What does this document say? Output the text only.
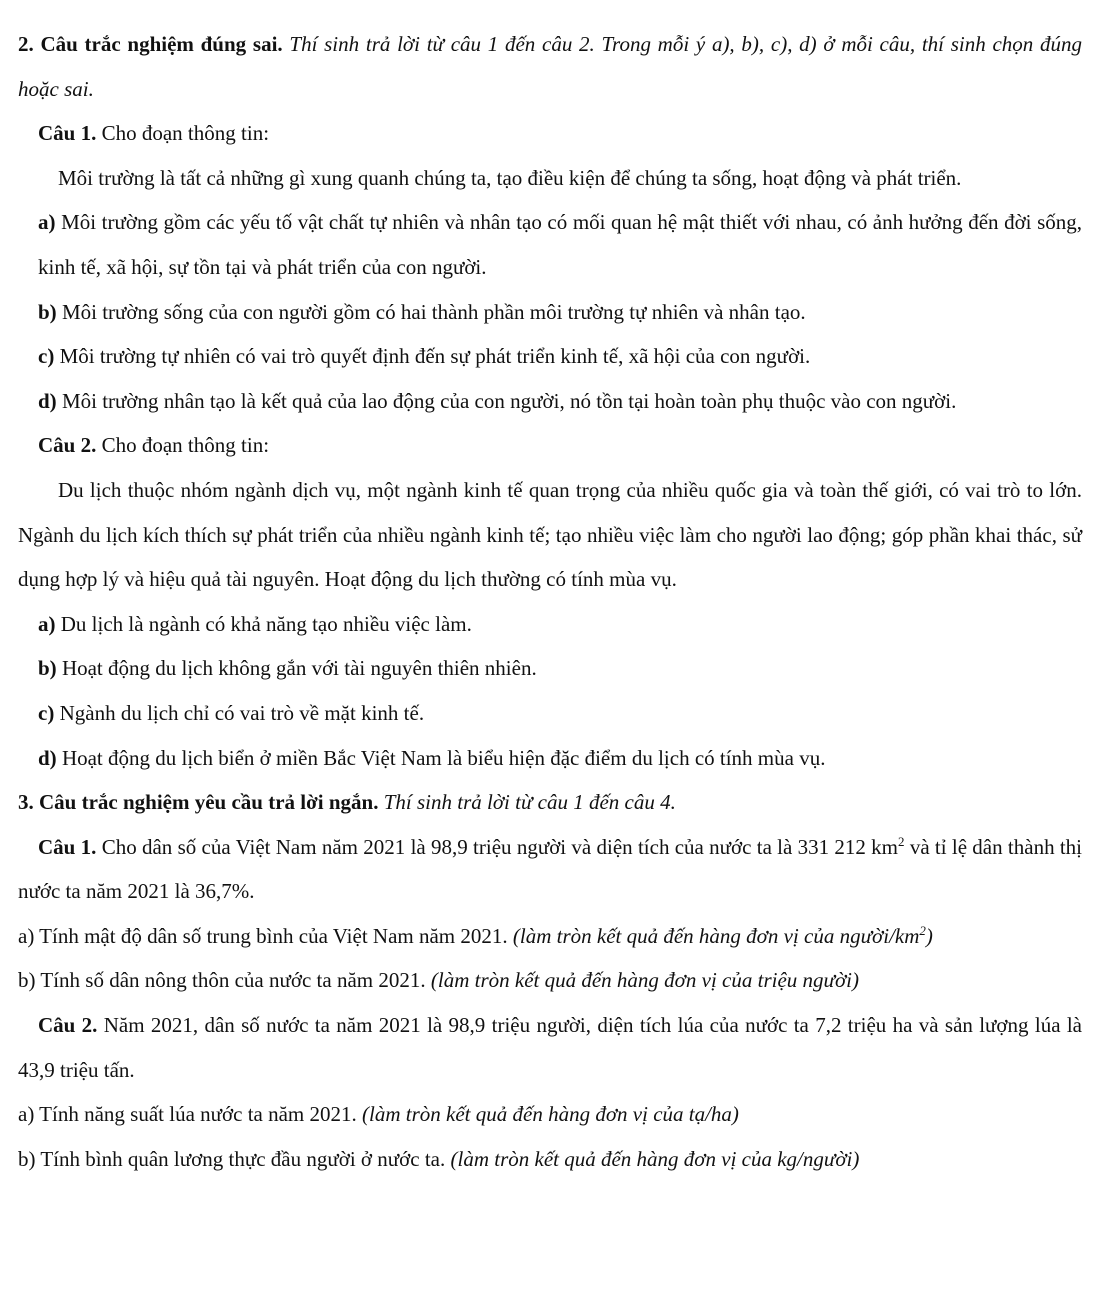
2. Câu trắc nghiệm đúng sai. Thí sinh trả lời từ câu 1 đến câu 2. Trong mỗi ý a), b), c), d) ở mỗi câu, thí sinh chọn đúng hoặc sai.

Câu 1. Cho đoạn thông tin:

Môi trường là tất cả những gì xung quanh chúng ta, tạo điều kiện để chúng ta sống, hoạt động và phát triển.

a) Môi trường gồm các yếu tố vật chất tự nhiên và nhân tạo có mối quan hệ mật thiết với nhau, có ảnh hưởng đến đời sống, kinh tế, xã hội, sự tồn tại và phát triển của con người.

b) Môi trường sống của con người gồm có hai thành phần môi trường tự nhiên và nhân tạo.

c) Môi trường tự nhiên có vai trò quyết định đến sự phát triển kinh tế, xã hội của con người.

d) Môi trường nhân tạo là kết quả của lao động của con người, nó tồn tại hoàn toàn phụ thuộc vào con người.

Câu 2. Cho đoạn thông tin:

Du lịch thuộc nhóm ngành dịch vụ, một ngành kinh tế quan trọng của nhiều quốc gia và toàn thế giới, có vai trò to lớn. Ngành du lịch kích thích sự phát triển của nhiều ngành kinh tế; tạo nhiều việc làm cho người lao động; góp phần khai thác, sử dụng hợp lý và hiệu quả tài nguyên. Hoạt động du lịch thường có tính mùa vụ.

a) Du lịch là ngành có khả năng tạo nhiều việc làm.

b) Hoạt động du lịch không gắn với tài nguyên thiên nhiên.

c) Ngành du lịch chỉ có vai trò về mặt kinh tế.

d) Hoạt động du lịch biển ở miền Bắc Việt Nam là biểu hiện đặc điểm du lịch có tính mùa vụ.

3. Câu trắc nghiệm yêu cầu trả lời ngắn. Thí sinh trả lời từ câu 1 đến câu 4.

Câu 1. Cho dân số của Việt Nam năm 2021 là 98,9 triệu người và diện tích của nước ta là 331 212 $km^2$ và tỉ lệ dân thành thị nước ta năm 2021 là 36,7%.

a) Tính mật độ dân số trung bình của Việt Nam năm 2021. (làm tròn kết quả đến hàng đơn vị của người/$km^2$)

b) Tính số dân nông thôn của nước ta năm 2021. (làm tròn kết quả đến hàng đơn vị của triệu người)

Câu 2. Năm 2021, dân số nước ta năm 2021 là 98,9 triệu người, diện tích lúa của nước ta 7,2 triệu ha và sản lượng lúa là 43,9 triệu tấn.

a) Tính năng suất lúa nước ta năm 2021. (làm tròn kết quả đến hàng đơn vị của tạ/ha)

b) Tính bình quân lương thực đầu người ở nước ta. (làm tròn kết quả đến hàng đơn vị của kg/người)
